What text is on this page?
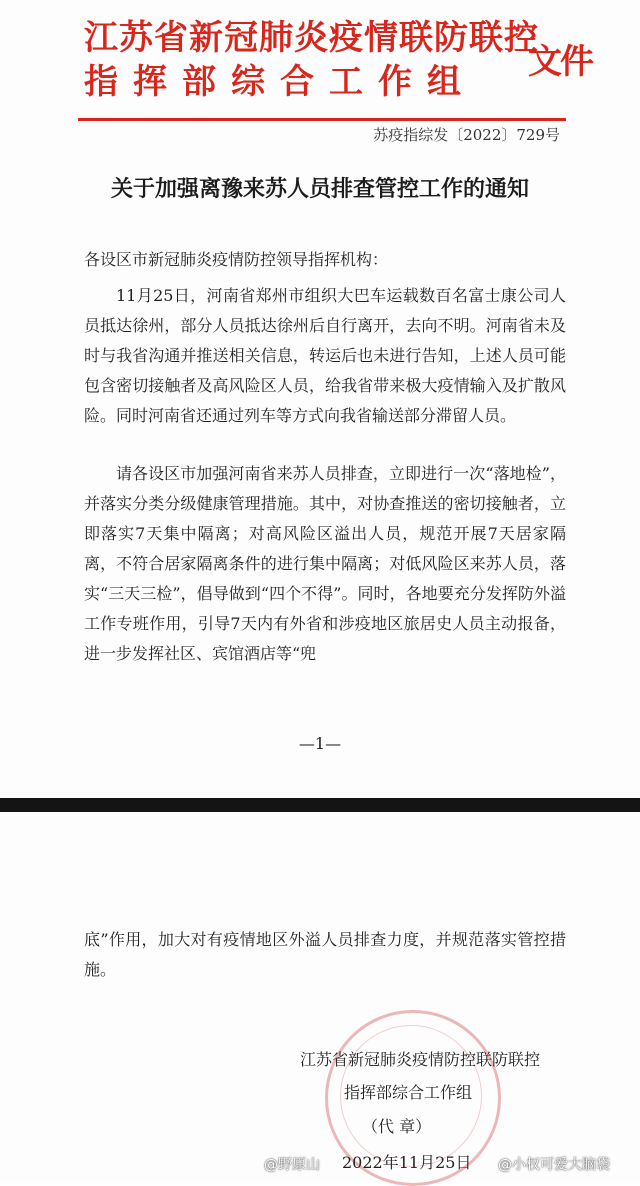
江苏省新冠肺炎疫情联防联控
指挥部综合工作组 文件
苏疫指综发〔2022〕729号
关于加强离豫来苏人员排查管控工作的通知
各设区市新冠肺炎疫情防控领导指挥机构：

11月25日，河南省郑州市组织大巴车运载数百名富士康公司人员抵达徐州，部分人员抵达徐州后自行离开，去向不明。河南省未及时与我省沟通并推送相关信息，转运后也未进行告知，上述人员可能包含密切接触者及高风险区人员，给我省带来极大疫情输入及扩散风险。同时河南省还通过列车等方式向我省输送部分滞留人员。

请各设区市加强河南省来苏人员排查，立即进行一次“落地检”，并落实分类分级健康管理措施。其中，对协查推送的密切接触者，立即落实7天集中隔离；对高风险区溢出人员，规范开展7天居家隔离，不符合居家隔离条件的进行集中隔离；对低风险区来苏人员，落实“三天三检”，倡导做到“四个不得”。同时，各地要充分发挥防外溢工作专班作用，引导7天内有外省和涉疫地区旅居史人员主动报备，进一步发挥社区、宾馆酒店等“兜

—1—

底”作用，加大对有疫情地区外溢人员排查力度，并规范落实管控措施。

江苏省新冠肺炎疫情防控联防联控
指挥部综合工作组
（代 章）
2022年11月25日
@野原山	@小权可爱大脑袋
